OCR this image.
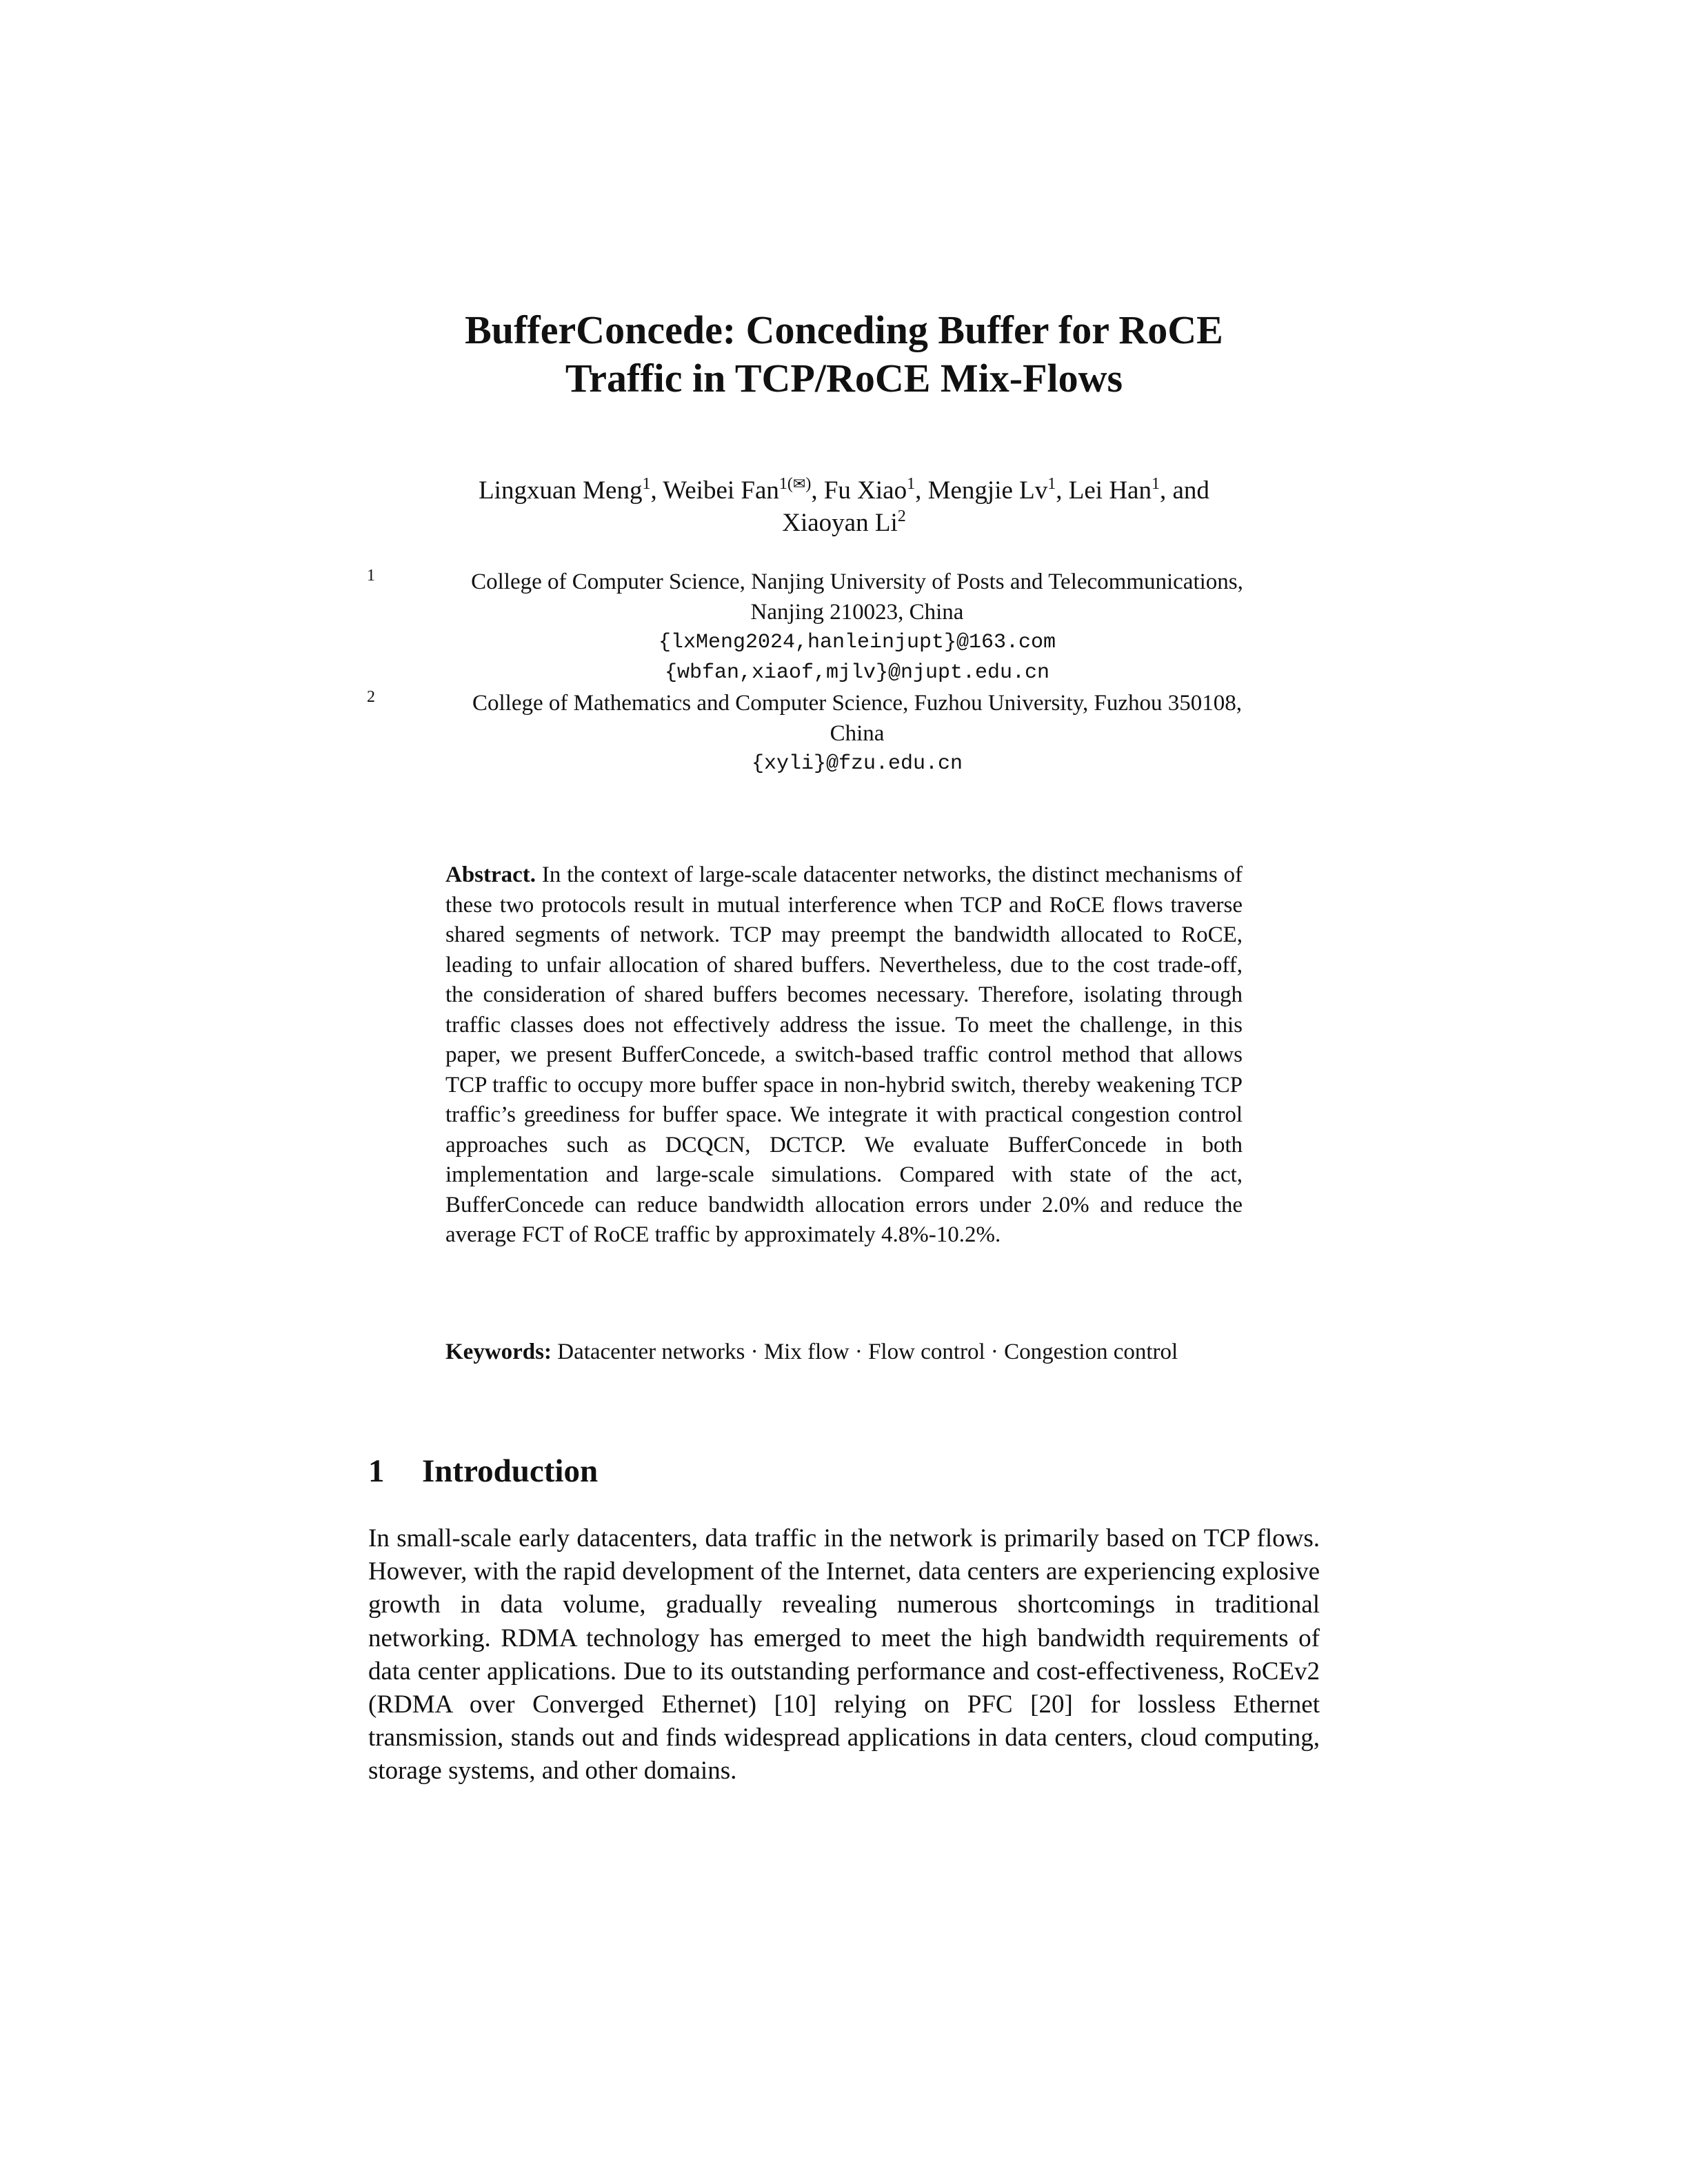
BufferConcede: Conceding Buffer for RoCE
Traffic in TCP/RoCE Mix-Flows
Lingxuan Meng$^1$, Weibei Fan$^{1(✉)}$, Fu Xiao$^1$, Mengjie Lv$^1$, Lei Han$^1$, and
Xiaoyan Li$^2$
$^1$	College of Computer Science, Nanjing University of Posts and Telecommunications,
Nanjing 210023, China
{lxMeng2024,hanleinjupt}@163.com
{wbfan,xiaof,mjlv}@njupt.edu.cn
$^2$	College of Mathematics and Computer Science, Fuzhou University, Fuzhou 350108,
China
{xyli}@fzu.edu.cn
Abstract. In the context of large-scale datacenter networks, the distinct mechanisms of these two protocols result in mutual interference when TCP and RoCE flows traverse shared segments of network. TCP may preempt the bandwidth allocated to RoCE, leading to unfair allocation of shared buffers. Nevertheless, due to the cost trade-off, the consideration of shared buffers becomes necessary. Therefore, isolating through traffic classes does not effectively address the issue. To meet the challenge, in this paper, we present BufferConcede, a switch-based traffic control method that allows TCP traffic to occupy more buffer space in non-hybrid switch, thereby weakening TCP traffic’s greediness for buffer space. We integrate it with practical congestion control approaches such as DCQCN, DCTCP. We evaluate BufferConcede in both implementation and large-scale simulations. Compared with state of the act, BufferConcede can reduce bandwidth allocation errors under 2.0% and reduce the average FCT of RoCE traffic by approximately 4.8%-10.2%.
Keywords: Datacenter networks · Mix flow · Flow control · Congestion control
1 Introduction
In small-scale early datacenters, data traffic in the network is primarily based on TCP flows. However, with the rapid development of the Internet, data centers are experiencing explosive growth in data volume, gradually revealing numerous shortcomings in traditional networking. RDMA technology has emerged to meet the high bandwidth requirements of data center applications. Due to its outstanding performance and cost-effectiveness, RoCEv2 (RDMA over Converged Ethernet) [10] relying on PFC [20] for lossless Ethernet transmission, stands out and finds widespread applications in data centers, cloud computing, storage systems, and other domains.
